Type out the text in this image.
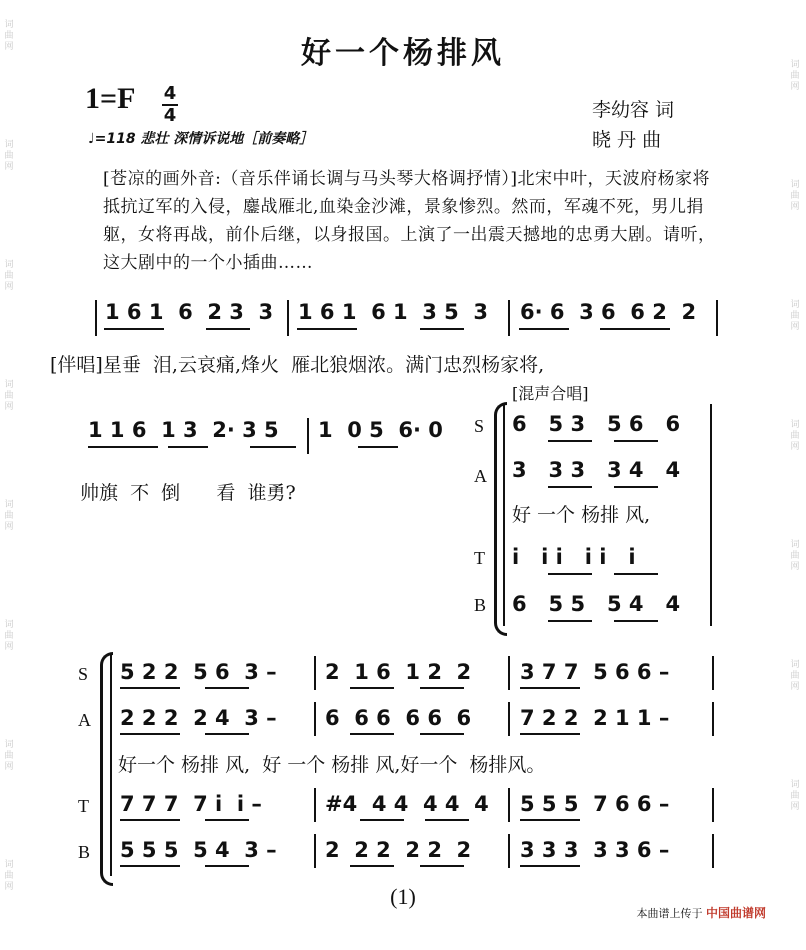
词曲网
词曲网
词曲网
词曲网
词曲网
词曲网
词曲网
词曲网
词曲网
词曲网
词曲网
词曲网
词曲网
词曲网
词曲网
好一个杨排风
1=F 4
4	李幼容 词
晓 丹 曲
♩=118 悲壮 深情诉说地［前奏略］
[苍凉的画外音:（音乐伴诵长调与马头琴大格调抒情）]北宋中叶，天波府杨家将抵抗辽军的入侵，鏖战雁北,血染金沙滩，景象惨烈。然而，军魂不死，男儿捐躯，女将再战，前仆后继，以身报国。上演了一出震天撼地的忠勇大剧。请听，这大剧中的一个小插曲……
1 6 1  6  2 3  3 1 6 1  6 1  3 5  3 6· 6  3 6  6 2  2
[伴唱]星垂  泪,云哀痛,烽火  雁北狼烟浓。满门忠烈杨家将,
1 1 6  1 3  2· 3 5 1  0 5  6· 0
帅旗  不  倒      看  谁勇?
[混声合唱]
S
A
T
B
6   5 3   5 6   6
3   3 3   3 4   4
好 一个 杨排 风,
i   i i   i i   i
6   5 5   5 4   4
S
A
T
B
5 2 2  5 6  3 – 2  1 6  1 2  2 3 7 7  5 6 6 –
2 2 2  2 4  3 – 6  6 6  6 6  6 7 2 2  2 1 1 –
好一个 杨排 风,  好 一个 杨排 风,好一个  杨排风。
7 7 7  7 i  i –	#4  4 4  4 4  4 5 5 5  7 6 6 –
5 5 5  5 4  3 – 2  2 2  2 2  2 3 3 3  3 3 6 –
(1)
本曲谱上传于 中国曲谱网
